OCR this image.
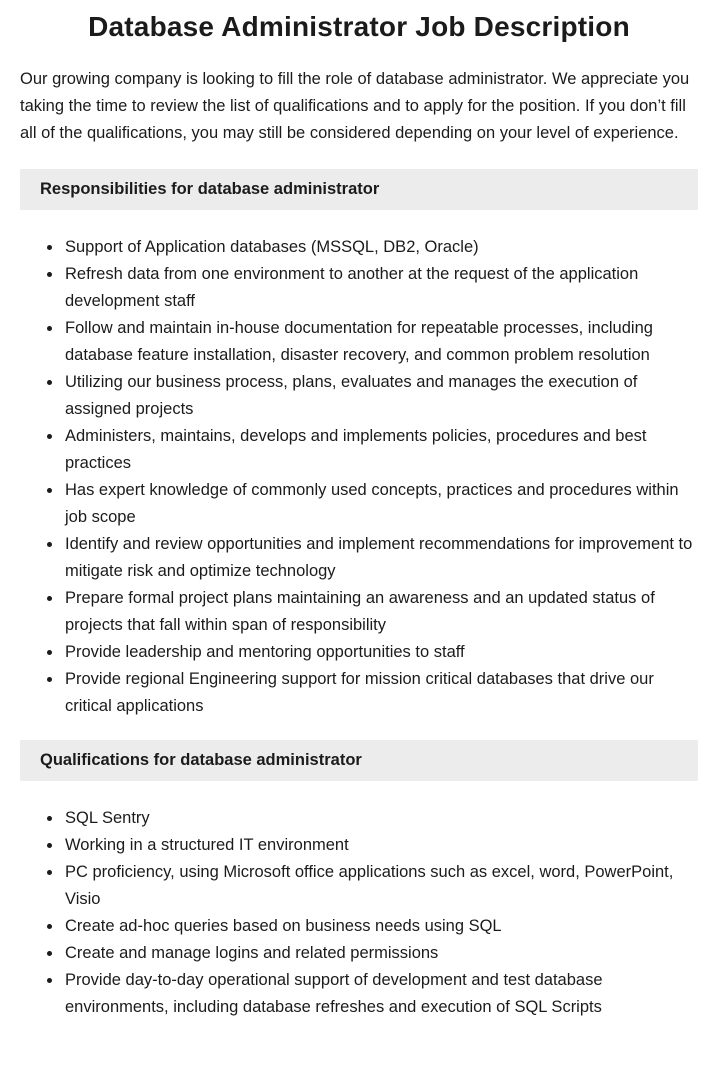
Database Administrator Job Description

Our growing company is looking to fill the role of database administrator. We appreciate you taking the time to review the list of qualifications and to apply for the position. If you don’t fill all of the qualifications, you may still be considered depending on your level of experience.

Responsibilities for database administrator
• Support of Application databases (MSSQL, DB2, Oracle)
• Refresh data from one environment to another at the request of the application development staff
• Follow and maintain in-house documentation for repeatable processes, including database feature installation, disaster recovery, and common problem resolution
• Utilizing our business process, plans, evaluates and manages the execution of assigned projects
• Administers, maintains, develops and implements policies, procedures and best practices
• Has expert knowledge of commonly used concepts, practices and procedures within job scope
• Identify and review opportunities and implement recommendations for improvement to mitigate risk and optimize technology
• Prepare formal project plans maintaining an awareness and an updated status of projects that fall within span of responsibility
• Provide leadership and mentoring opportunities to staff
• Provide regional Engineering support for mission critical databases that drive our critical applications
Qualifications for database administrator
• SQL Sentry
• Working in a structured IT environment
• PC proficiency, using Microsoft office applications such as excel, word, PowerPoint, Visio
• Create ad-hoc queries based on business needs using SQL
• Create and manage logins and related permissions
• Provide day-to-day operational support of development and test database environments, including database refreshes and execution of SQL Scripts
